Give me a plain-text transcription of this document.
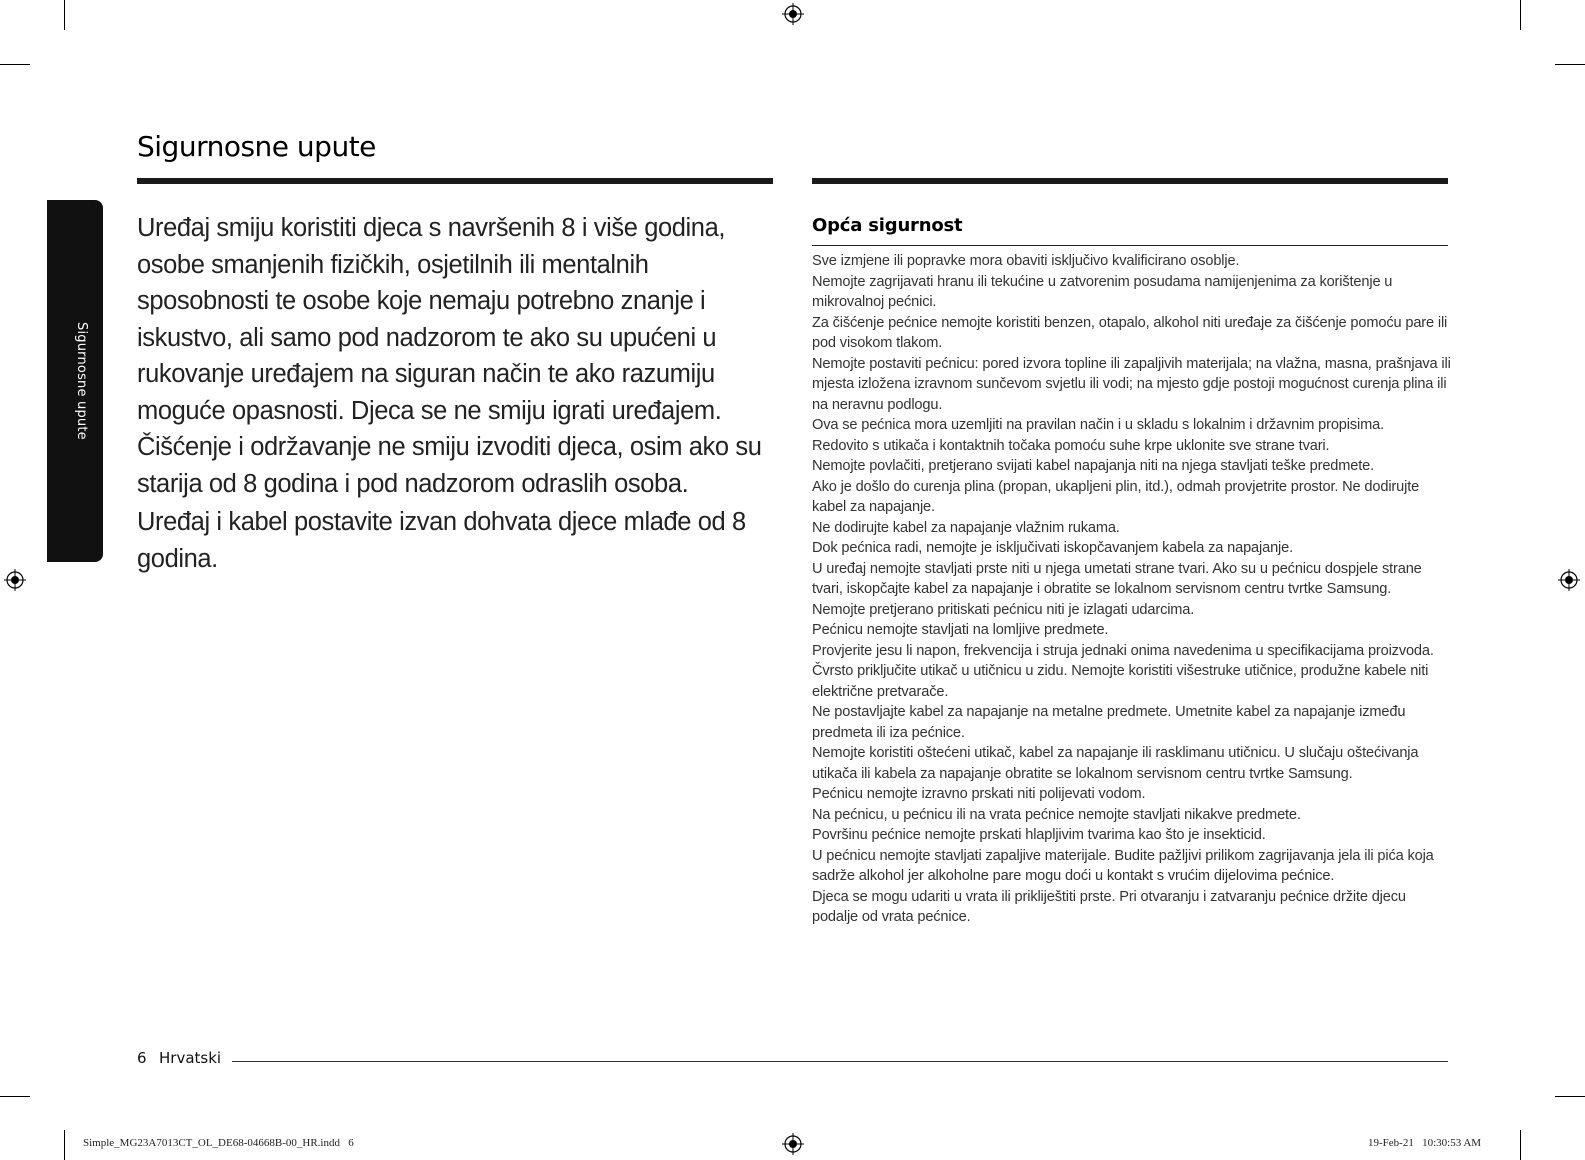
Sigurnosne upute
Sigurnosne upute

Uređaj smiju koristiti djeca s navršenih 8 i više godina, osobe smanjenih fizičkih, osjetilnih ili mentalnih sposobnosti te osobe koje nemaju potrebno znanje i iskustvo, ali samo pod nadzorom te ako su upućeni u rukovanje uređajem na siguran način te ako razumiju moguće opasnosti. Djeca se ne smiju igrati uređajem. Čišćenje i održavanje ne smiju izvoditi djeca, osim ako su starija od 8 godina i pod nadzorom odraslih osoba.

Uređaj i kabel postavite izvan dohvata djece mlađe od 8 godina.

Opća sigurnost
Sve izmjene ili popravke mora obaviti isključivo kvalificirano osoblje.
Nemojte zagrijavati hranu ili tekućine u zatvorenim posudama namijenjenima za korištenje u mikrovalnoj pećnici.
Za čišćenje pećnice nemojte koristiti benzen, otapalo, alkohol niti uređaje za čišćenje pomoću pare ili pod visokom tlakom.
Nemojte postaviti pećnicu: pored izvora topline ili zapaljivih materijala; na vlažna, masna, prašnjava ili mjesta izložena izravnom sunčevom svjetlu ili vodi; na mjesto gdje postoji mogućnost curenja plina ili na neravnu podlogu.
Ova se pećnica mora uzemljiti na pravilan način i u skladu s lokalnim i državnim propisima.
Redovito s utikača i kontaktnih točaka pomoću suhe krpe uklonite sve strane tvari.
Nemojte povlačiti, pretjerano svijati kabel napajanja niti na njega stavljati teške predmete.
Ako je došlo do curenja plina (propan, ukapljeni plin, itd.), odmah provjetrite prostor. Ne dodirujte kabel za napajanje.
Ne dodirujte kabel za napajanje vlažnim rukama.
Dok pećnica radi, nemojte je isključivati iskopčavanjem kabela za napajanje.
U uređaj nemojte stavljati prste niti u njega umetati strane tvari. Ako su u pećnicu dospjele strane tvari, iskopčajte kabel za napajanje i obratite se lokalnom servisnom centru tvrtke Samsung.
Nemojte pretjerano pritiskati pećnicu niti je izlagati udarcima.
Pećnicu nemojte stavljati na lomljive predmete.
Provjerite jesu li napon, frekvencija i struja jednaki onima navedenima u specifikacijama proizvoda.
Čvrsto priključite utikač u utičnicu u zidu. Nemojte koristiti višestruke utičnice, produžne kabele niti električne pretvarače.
Ne postavljajte kabel za napajanje na metalne predmete. Umetnite kabel za napajanje između predmeta ili iza pećnice.
Nemojte koristiti oštećeni utikač, kabel za napajanje ili rasklimanu utičnicu. U slučaju oštećivanja utikača ili kabela za napajanje obratite se lokalnom servisnom centru tvrtke Samsung.
Pećnicu nemojte izravno prskati niti polijevati vodom.
Na pećnicu, u pećnicu ili na vrata pećnice nemojte stavljati nikakve predmete.
Površinu pećnice nemojte prskati hlapljivim tvarima kao što je insekticid.
U pećnicu nemojte stavljati zapaljive materijale. Budite pažljivi prilikom zagrijavanja jela ili pića koja sadrže alkohol jer alkoholne pare mogu doći u kontakt s vrućim dijelovima pećnice.
Djeca se mogu udariti u vrata ili prikliještiti prste. Pri otvaranju i zatvaranju pećnice držite djecu podalje od vrata pećnice.
6 Hrvatski
Simple_MG23A7013CT_OL_DE68-04668B-00_HR.indd   6	19-Feb-21   10:30:53 AM
